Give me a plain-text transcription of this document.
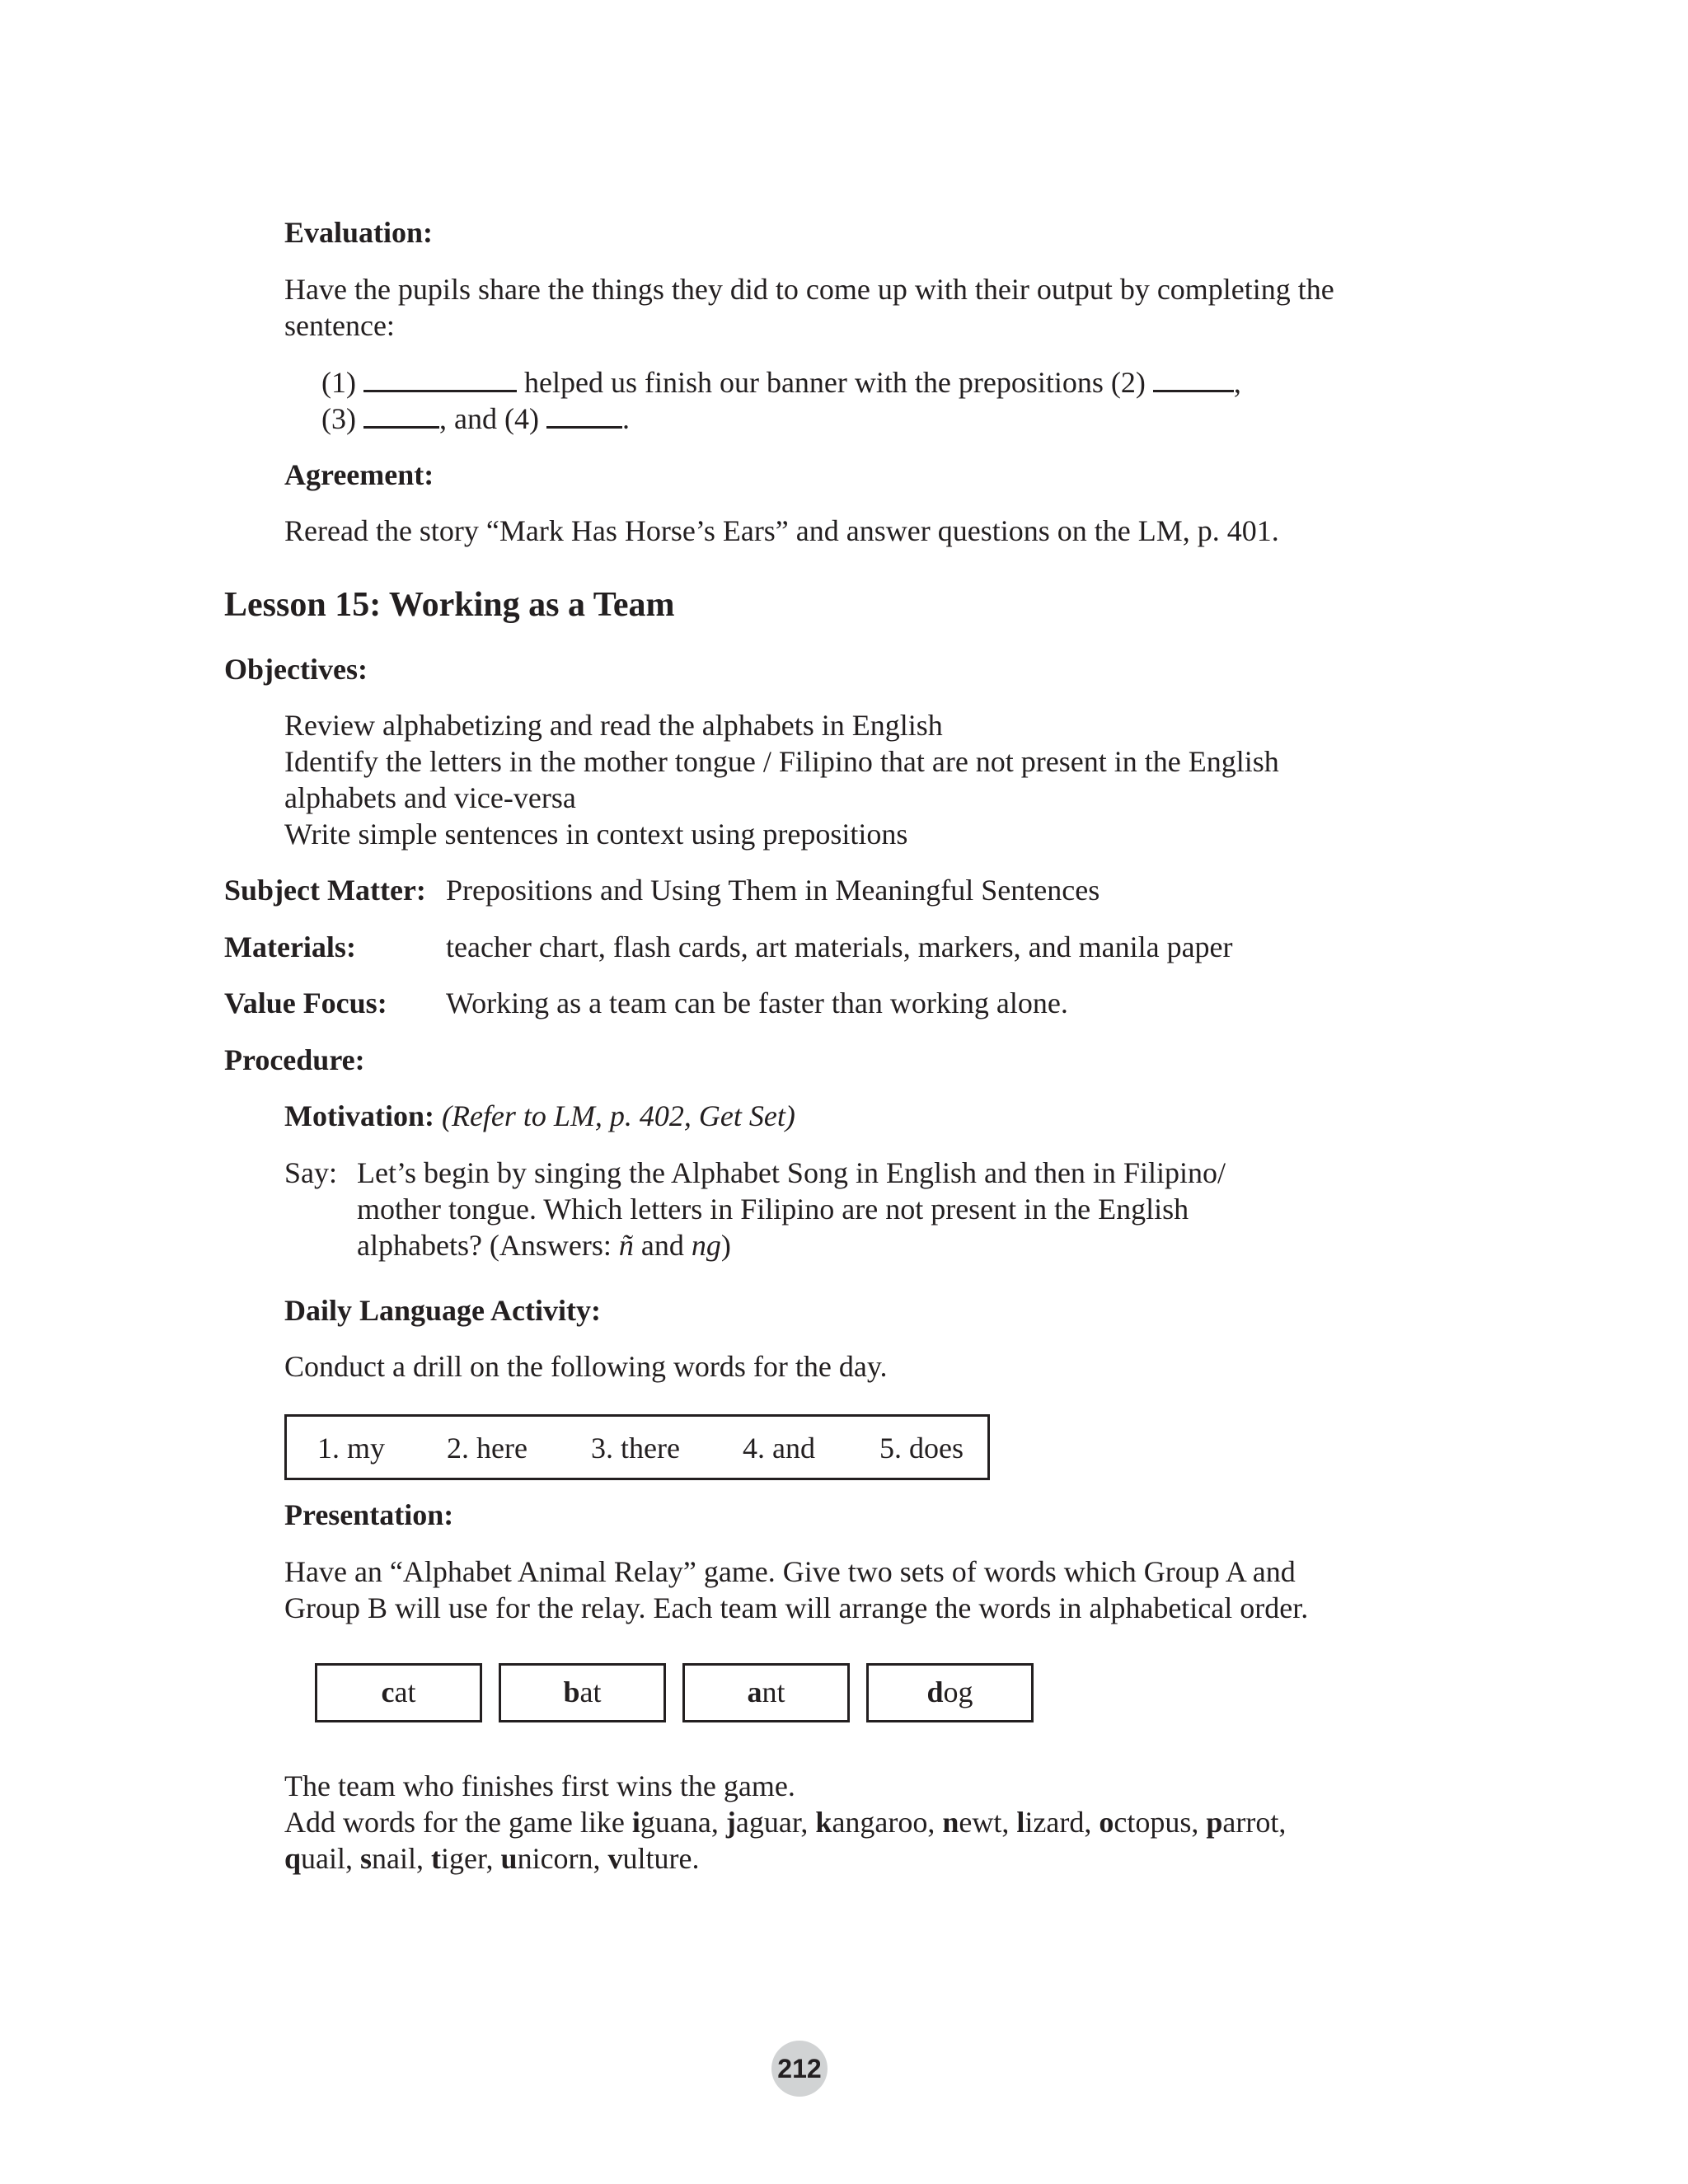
Evaluation:
Have the pupils share the things they did to come up with their output by completing the
sentence:
(1)	helped us finish our banner with the prepositions (2)	,
(3)	, and (4)	.
Agreement:
Reread the story “Mark Has Horse’s Ears” and answer questions on the LM, p. 401.
Lesson 15: Working as a Team
Objectives:
Review alphabetizing and read the alphabets in English
Identify the letters in the mother tongue / Filipino that are not present in the English
alphabets and vice-versa
Write simple sentences in context using prepositions
Subject Matter: Prepositions and Using Them in Meaningful Sentences
Materials:	teacher chart, flash cards, art materials, markers, and manila paper
Value Focus: Working as a team can be faster than working alone.
Procedure:
Motivation: (Refer to LM, p. 402, Get Set)
Say: Let’s begin by singing the Alphabet Song in English and then in Filipino/
mother tongue. Which letters in Filipino are not present in the English
alphabets? (Answers: ñ and ng)
Daily Language Activity:
Conduct a drill on the following words for the day.
1. my 2. here 3. there 4. and 5. does
Presentation:
Have an “Alphabet Animal Relay” game. Give two sets of words which Group A and
Group B will use for the relay. Each team will arrange the words in alphabetical order.
cat	bat	ant	dog
The team who finishes first wins the game.
Add words for the game like iguana, jaguar, kangaroo, newt, lizard, octopus, parrot,
quail, snail, tiger, unicorn, vulture.
212
